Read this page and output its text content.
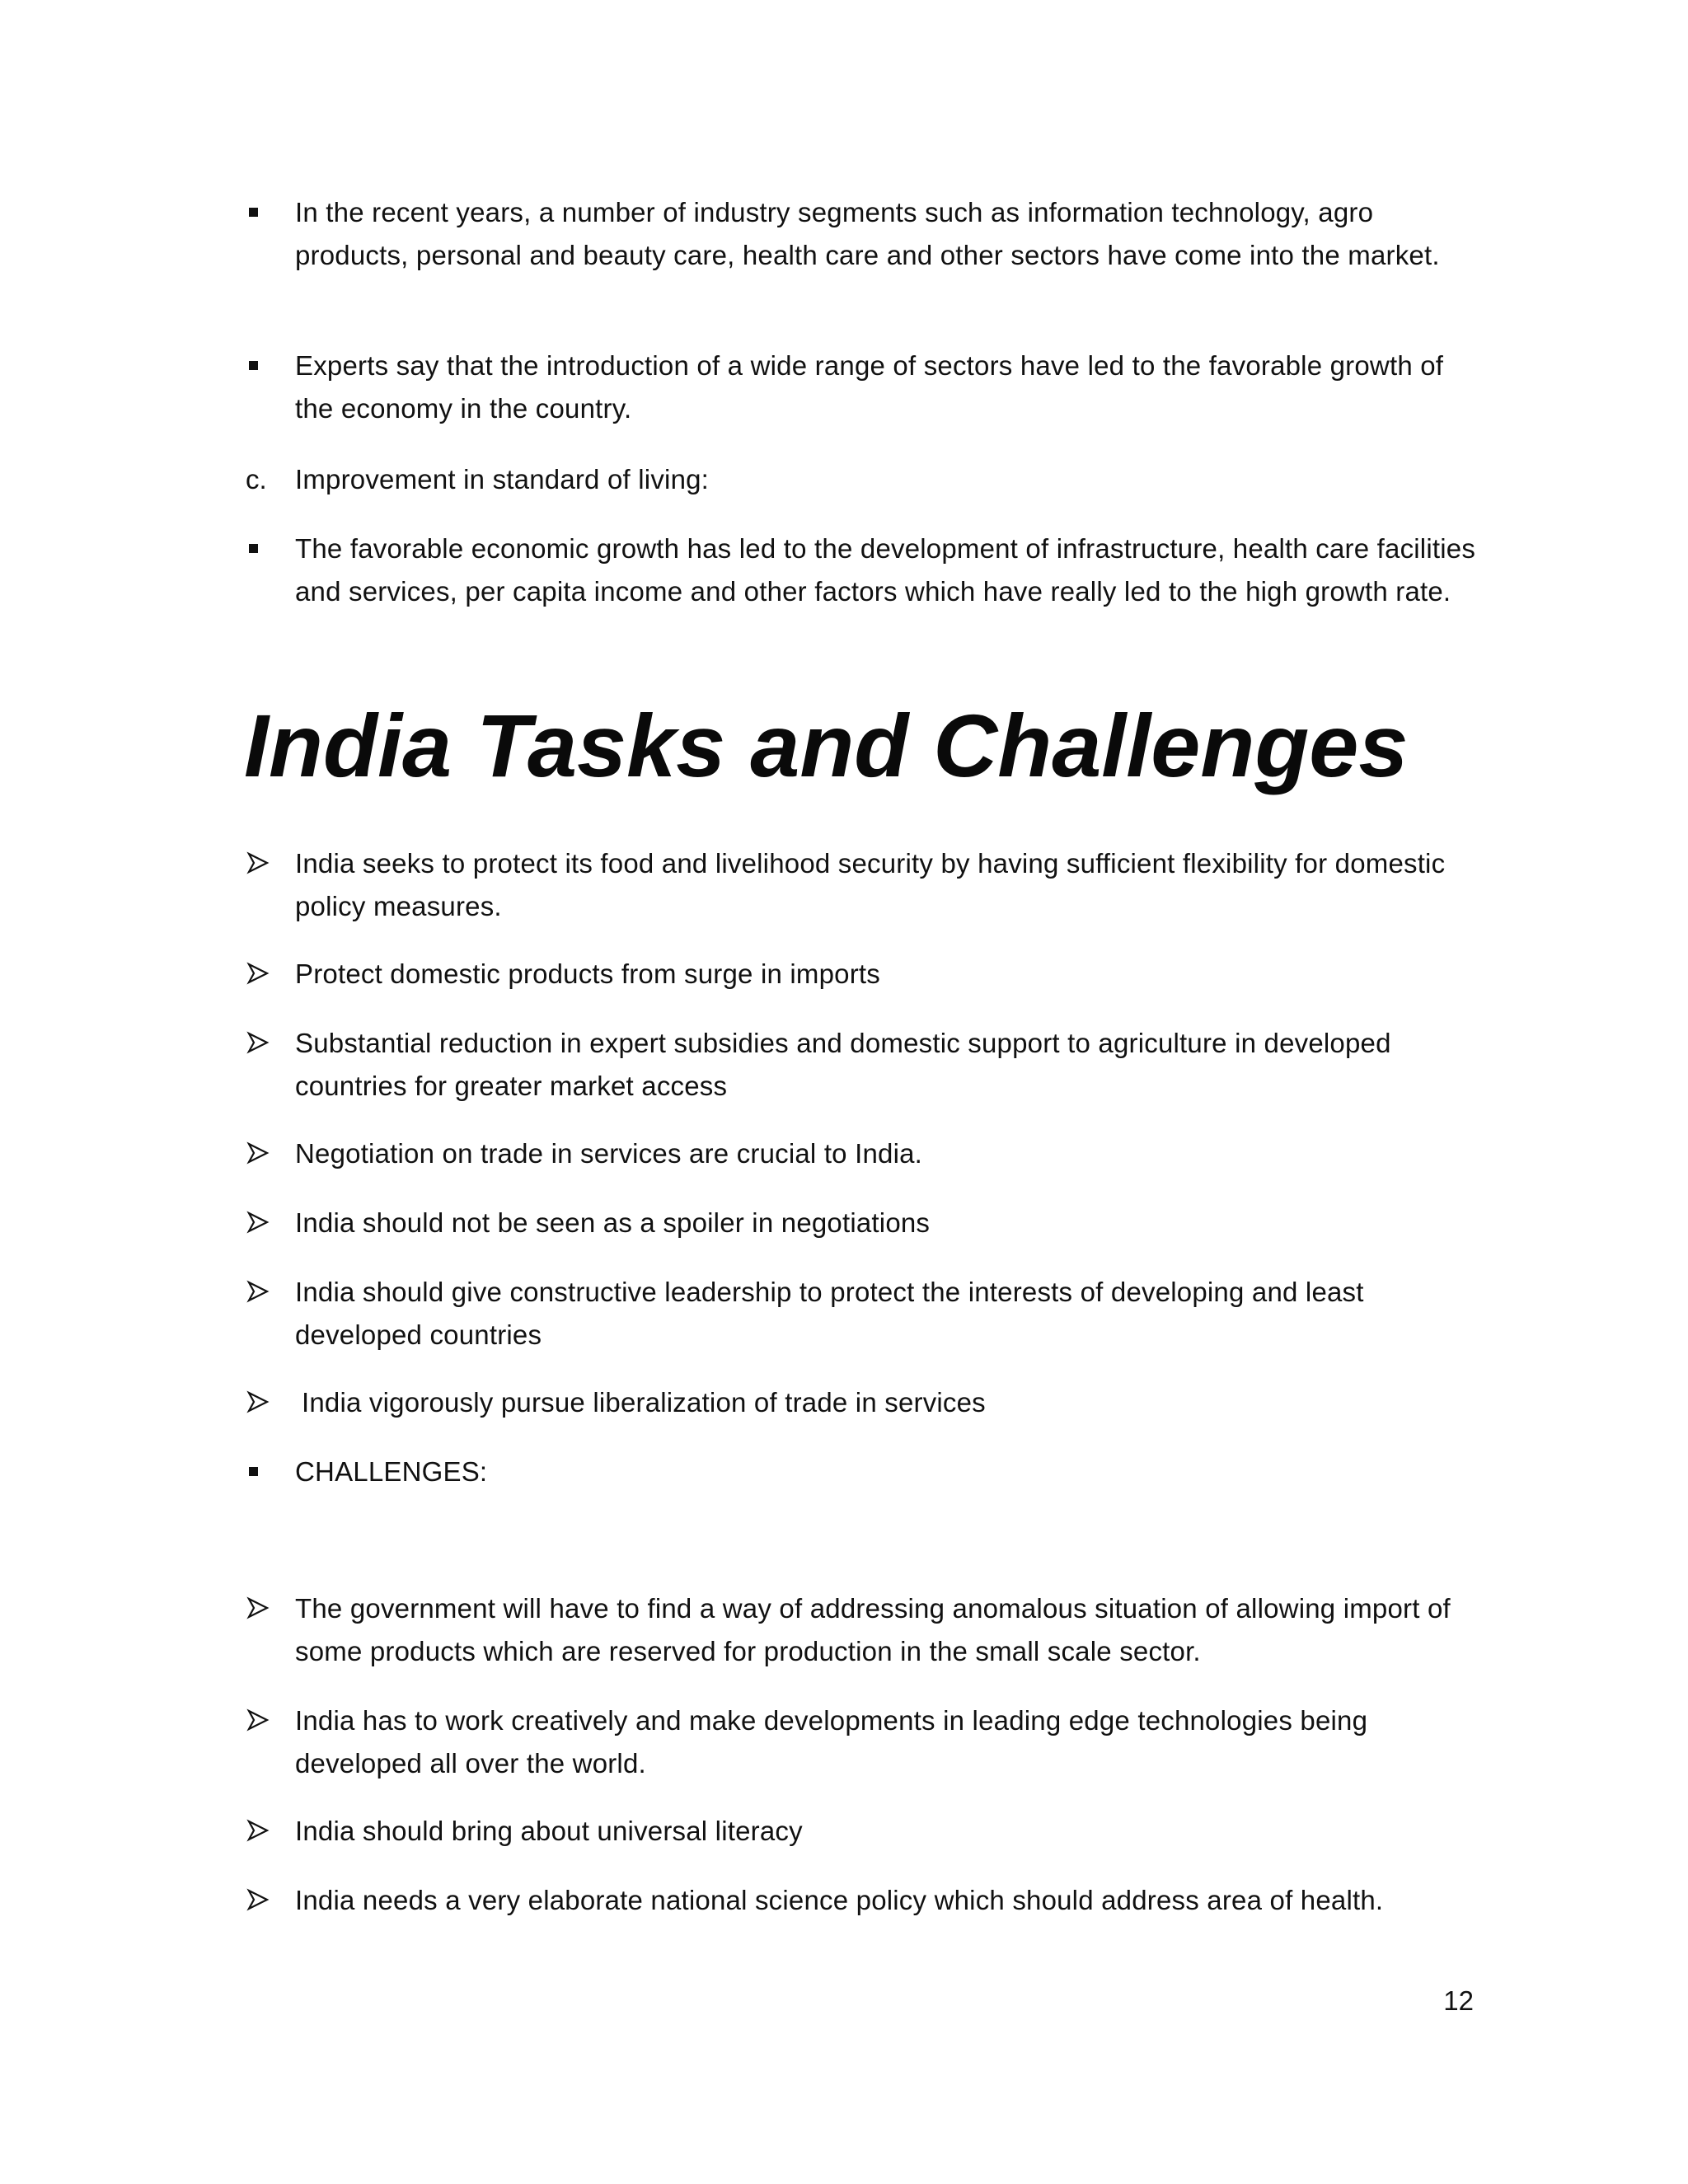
In the recent years, a number of industry segments such as information technology, agro products, personal and beauty care, health care and other sectors have come into the market.
Experts say that the introduction of a wide range of sectors have led to the favorable growth of the economy in the country.
c. Improvement in standard of living:
The favorable economic growth has led to the development of infrastructure, health care facilities and services, per capita income and other factors which have really led to the high growth rate.
India Tasks and Challenges
India seeks to protect its food and livelihood security by having sufficient flexibility for domestic policy measures.
Protect domestic products from surge in imports
Substantial reduction in expert subsidies and domestic support to agriculture in developed countries for greater market access
Negotiation on trade in services are crucial to India.
India should not be seen as a spoiler in negotiations
India should give constructive leadership to protect the interests of developing and least developed countries
India vigorously pursue liberalization of trade in services
CHALLENGES:
The government will have to find a way of addressing anomalous situation of allowing import of some products which are reserved for production in the small scale sector.
India has to work creatively and make developments in leading edge technologies being developed all over the world.
India should bring about universal literacy
India needs a very elaborate national science policy which should address area of health.
12
